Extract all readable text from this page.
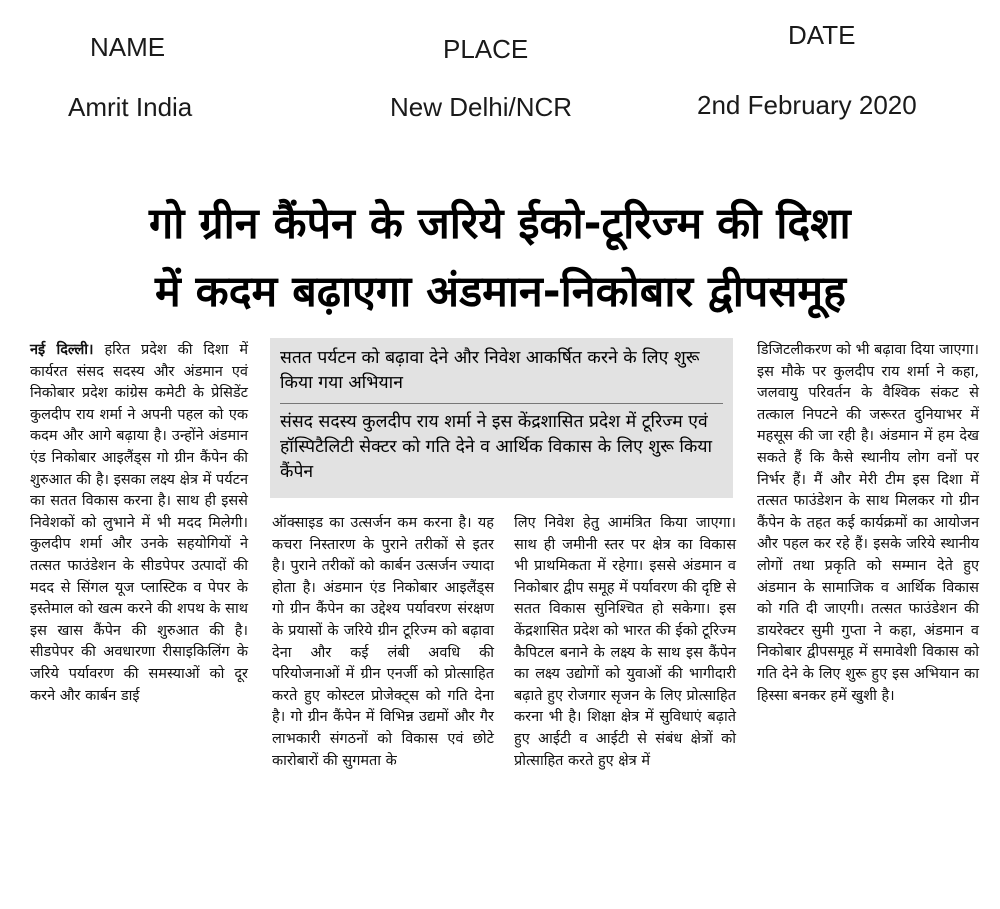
NAME	PLACE	DATE
Amrit India	New Delhi/NCR	2nd February 2020
गो ग्रीन कैंपेन के जरिये ईको-टूरिज्म की दिशा
में कदम बढ़ाएगा अंडमान-निकोबार द्वीपसमूह

सतत पर्यटन को बढ़ावा देने और निवेश आकर्षित करने के लिए शुरू किया गया अभियान

संसद सदस्य कुलदीप राय शर्मा ने इस केंद्रशासित प्रदेश में टूरिज्म एवं हॉस्पिटैलिटी सेक्टर को गति देने व आर्थिक विकास के लिए शुरू किया कैंपेन

नई दिल्ली। हरित प्रदेश की दिशा में कार्यरत संसद सदस्य और अंडमान एवं निकोबार प्रदेश कांग्रेस कमेटी के प्रेसिडेंट कुलदीप राय शर्मा ने अपनी पहल को एक कदम और आगे बढ़ाया है। उन्होंने अंडमान एंड निकोबार आइलैंड्स गो ग्रीन कैंपेन की शुरुआत की है। इसका लक्ष्य क्षेत्र में पर्यटन का सतत विकास करना है। साथ ही इससे निवेशकों को लुभाने में भी मदद मिलेगी। कुलदीप शर्मा और उनके सहयोगियों ने तत्सत फाउंडेशन के सीडपेपर उत्पादों की मदद से सिंगल यूज प्लास्टिक व पेपर के इस्तेमाल को खत्म करने की शपथ के साथ इस खास कैंपेन की शुरुआत की है। सीडपेपर की अवधारणा रीसाइकिलिंग के जरिये पर्यावरण की समस्याओं को दूर करने और कार्बन डाई

ऑक्साइड का उत्सर्जन कम करना है। यह कचरा निस्तारण के पुराने तरीकों से इतर है। पुराने तरीकों को कार्बन उत्सर्जन ज्यादा होता है। अंडमान एंड निकोबार आइलैंड्स गो ग्रीन कैंपेन का उद्देश्य पर्यावरण संरक्षण के प्रयासों के जरिये ग्रीन टूरिज्म को बढ़ावा देना और कई लंबी अवधि की परियोजनाओं में ग्रीन एनर्जी को प्रोत्साहित करते हुए कोस्टल प्रोजेक्ट्स को गति देना है। गो ग्रीन कैंपेन में विभिन्न उद्यमों और गैर लाभकारी संगठनों को विकास एवं छोटे कारोबारों की सुगमता के

लिए निवेश हेतु आमंत्रित किया जाएगा। साथ ही जमीनी स्तर पर क्षेत्र का विकास भी प्राथमिकता में रहेगा। इससे अंडमान व निकोबार द्वीप समूह में पर्यावरण की दृष्टि से सतत विकास सुनिश्चित हो सकेगा। इस केंद्रशासित प्रदेश को भारत की ईको टूरिज्म कैपिटल बनाने के लक्ष्य के साथ इस कैंपेन का लक्ष्य उद्योगों को युवाओं की भागीदारी बढ़ाते हुए रोजगार सृजन के लिए प्रोत्साहित करना भी है। शिक्षा क्षेत्र में सुविधाएं बढ़ाते हुए आईटी व आईटी से संबंध क्षेत्रों को प्रोत्साहित करते हुए क्षेत्र में

डिजिटलीकरण को भी बढ़ावा दिया जाएगा। इस मौके पर कुलदीप राय शर्मा ने कहा, जलवायु परिवर्तन के वैश्विक संकट से तत्काल निपटने की जरूरत दुनियाभर में महसूस की जा रही है। अंडमान में हम देख सकते हैं कि कैसे स्थानीय लोग वनों पर निर्भर हैं। मैं और मेरी टीम इस दिशा में तत्सत फाउंडेशन के साथ मिलकर गो ग्रीन कैंपेन के तहत कई कार्यक्रमों का आयोजन और पहल कर रहे हैं। इसके जरिये स्थानीय लोगों तथा प्रकृति को सम्मान देते हुए अंडमान के सामाजिक व आर्थिक विकास को गति दी जाएगी। तत्सत फाउंडेशन की डायरेक्टर सुमी गुप्ता ने कहा, अंडमान व निकोबार द्वीपसमूह में समावेशी विकास को गति देने के लिए शुरू हुए इस अभियान का हिस्सा बनकर हमें खुशी है।
